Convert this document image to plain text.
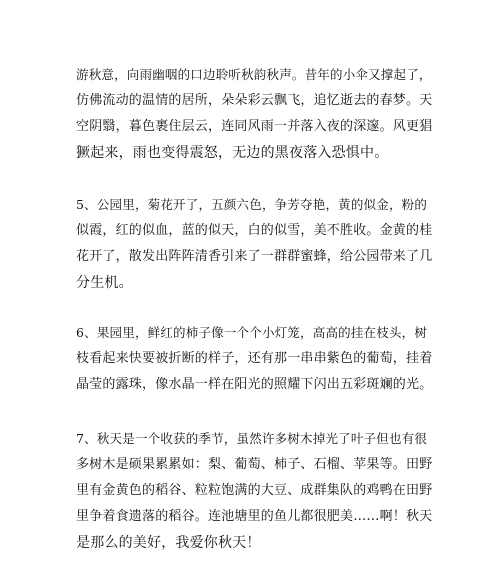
游秋意，向雨幽咽的口边聆听秋韵秋声。昔年的小伞又撑起了，
仿佛流动的温情的居所，朵朵彩云飘飞，追忆逝去的春梦。天
空阴翳，暮色裹住层云，连同风雨一并落入夜的深邃。风更猖
獗起来，雨也变得震怒，无边的黑夜落入恐惧中。
5、公园里，菊花开了，五颜六色，争芳夺艳，黄的似金，粉的
似霞，红的似血，蓝的似天，白的似雪，美不胜收。金黄的桂
花开了，散发出阵阵清香引来了一群群蜜蜂，给公园带来了几
分生机。
6、果园里，鲜红的柿子像一个个小灯笼，高高的挂在枝头，树
枝看起来快要被折断的样子，还有那一串串紫色的葡萄，挂着
晶莹的露珠，像水晶一样在阳光的照耀下闪出五彩斑斓的光。
7、秋天是一个收获的季节，虽然许多树木掉光了叶子但也有很
多树木是硕果累累如：梨、葡萄、柿子、石榴、苹果等。田野
里有金黄色的稻谷、粒粒饱满的大豆、成群集队的鸡鸭在田野
里争着食遗落的稻谷。连池塘里的鱼儿都很肥美……啊！秋天
是那么的美好，我爱你秋天！
